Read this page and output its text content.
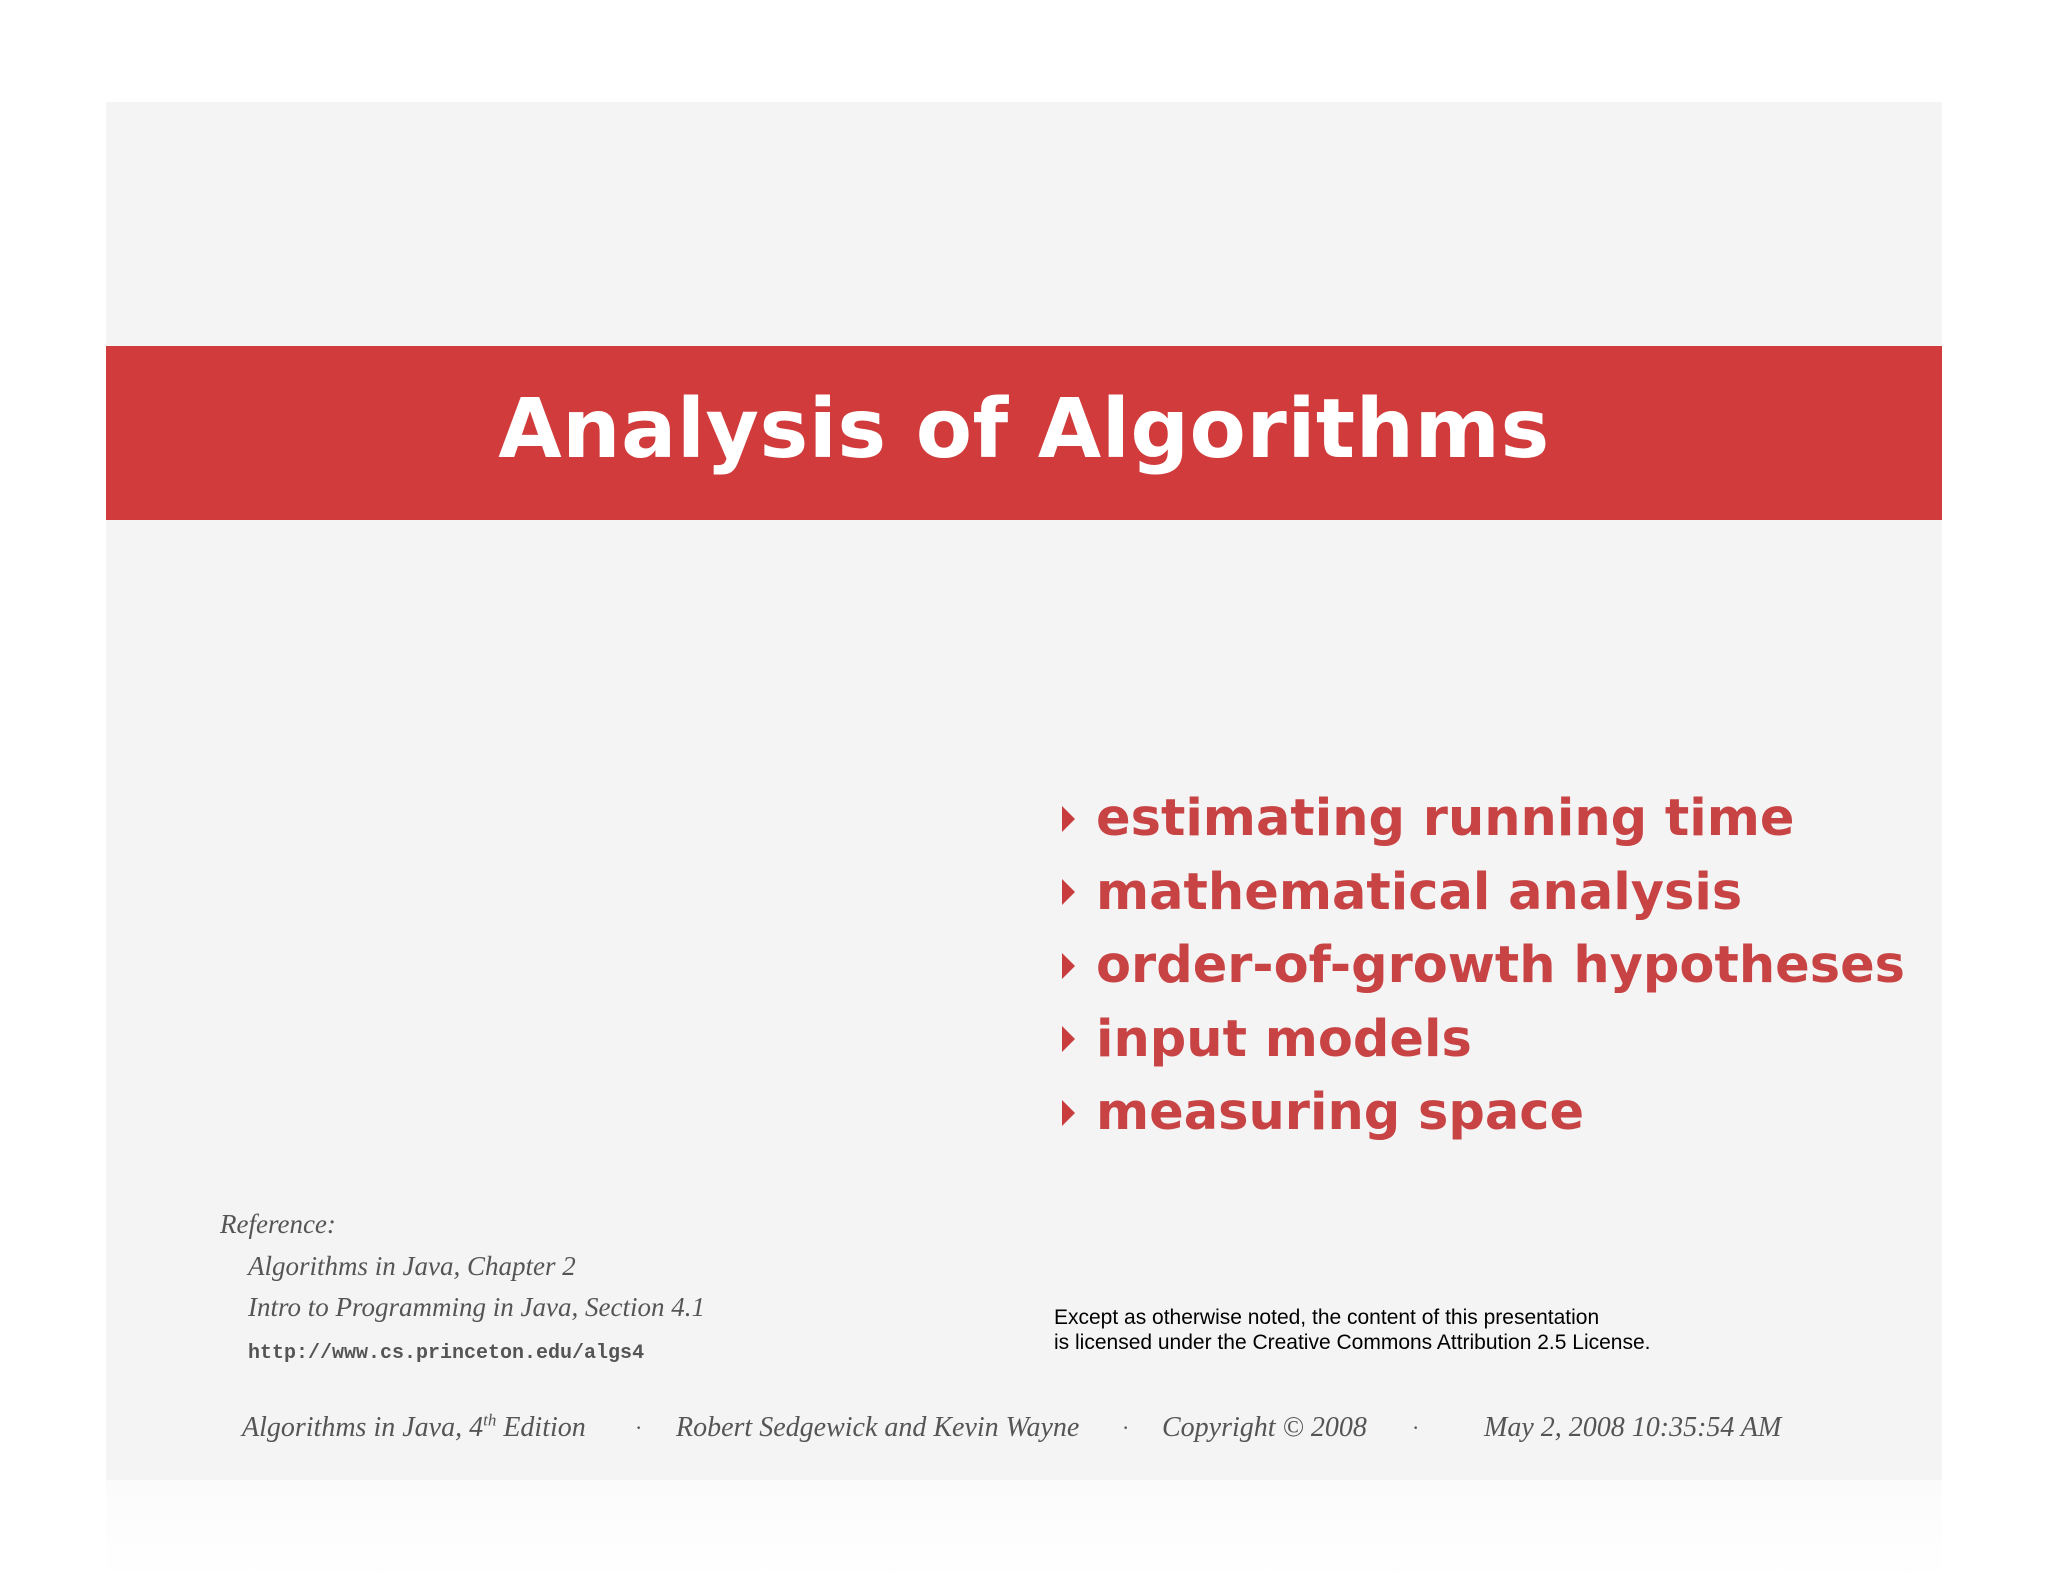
Analysis of Algorithms
estimating running time
mathematical analysis
order-of-growth hypotheses
input models
measuring space
Reference:
Algorithms in Java, Chapter 2
Intro to Programming in Java, Section 4.1
http://www.cs.princeton.edu/algs4
Except as otherwise noted, the content of this presentation
is licensed under the Creative Commons Attribution 2.5 License.
Algorithms in Java, 4th Edition · Robert Sedgewick and Kevin Wayne · Copyright © 2008 · May 2, 2008 10:35:54 AM
